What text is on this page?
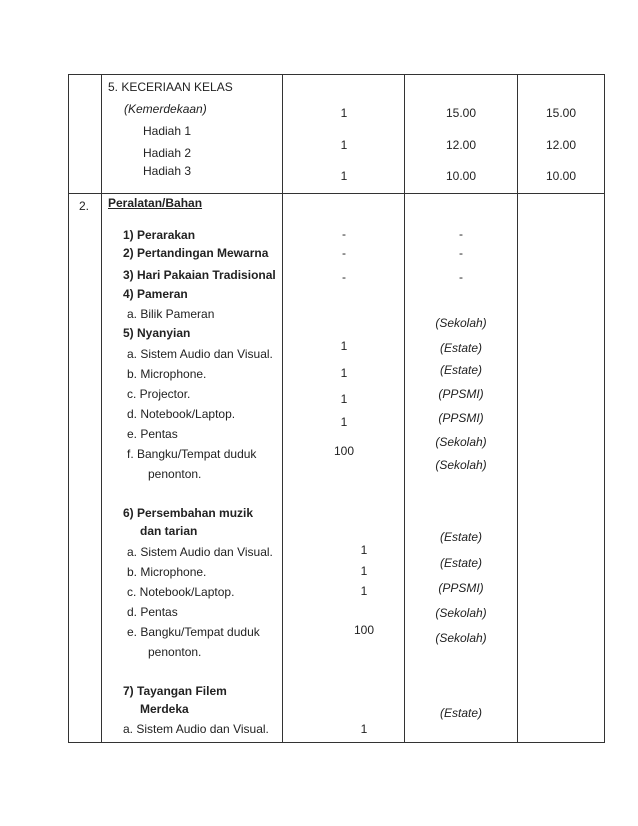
5. KECERIAAN KELAS
(Kemerdekaan)
Hadiah 1
Hadiah 2
Hadiah 3
1
1
1
15.00
12.00
10.00
15.00
12.00
10.00
2. Peralatan/Bahan
1) Perarakan
2) Pertandingan Mewarna
3) Hari Pakaian Tradisional
4) Pameran
-
-
-
-
-
-
a. Bilik Pameran
5) Nyanyian
a. Sistem Audio dan Visual.
b. Microphone.
c. Projector.
d. Notebook/Laptop.
e. Pentas
f. Bangku/Tempat duduk
penonton.
1
1
1
1
100
(Sekolah)
(Estate)
(Estate)
(PPSMI)
(PPSMI)
(Sekolah)
(Sekolah)
6) Persembahan muzik
dan tarian
a. Sistem Audio dan Visual.
b. Microphone.
c. Notebook/Laptop.
d. Pentas
e. Bangku/Tempat duduk
penonton.
1
1
1
100
(Estate)
(Estate)
(PPSMI)
(Sekolah)
(Sekolah)
7) Tayangan Filem
Merdeka
a. Sistem Audio dan Visual.	1
(Estate)
